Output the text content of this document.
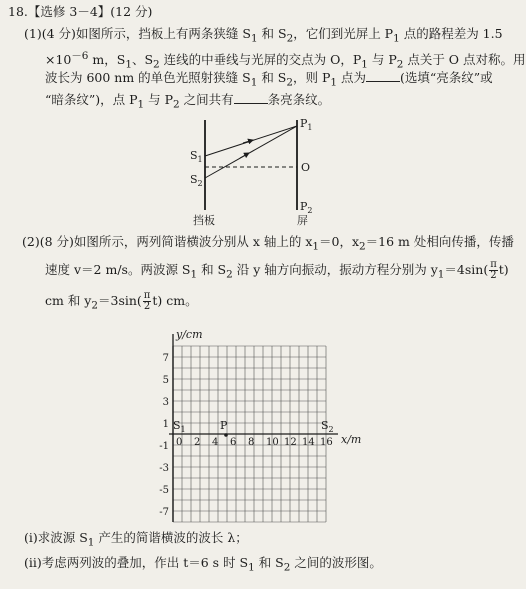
18.【选修 3－4】(12 分)
(1)(4 分)如图所示，挡板上有两条狭缝 $S_1$ 和 $S_2$，它们到光屏上 $P_1$ 点的路程差为 1.5
$\times 10^{-6}$ m，$S_1$、$S_2$ 连线的中垂线与光屏的交点为 O，$P_1$ 与 $P_2$ 点关于 O 点对称。用
波长为 600 nm 的单色光照射狭缝 $S_1$ 和 $S_2$，则 $P_1$ 点为	(选填“亮条纹”或
“暗条纹”)，点 $P_1$ 与 $P_2$ 之间共有	条亮条纹。
$S_1$
$S_2$
$P_1$
O
$P_2$
挡板	屏
(2)(8 分)如图所示，两列简谐横波分别从 x 轴上的 $x_1=0$，$x_2=16$ m 处相向传播，传播
速度 v＝2 m/s。两波源 $S_1$ 和 $S_2$ 沿 y 轴方向振动，振动方程分别为 $y_1=4\sin( \frac{\pi}{2} t)$
cm 和 $y_2=3\sin( \frac{\pi}{2} t)$ cm。
7
5
3
1
-1
-3
-5
-7
0 2 4 6 8 10 12 14 16
y/cm
x/m
$S_1$	$S_2$
P
(ⅰ)求波源 $S_1$ 产生的简谐横波的波长 λ；
(ⅱ)考虑两列波的叠加，作出 t＝6 s 时 $S_1$ 和 $S_2$ 之间的波形图。
